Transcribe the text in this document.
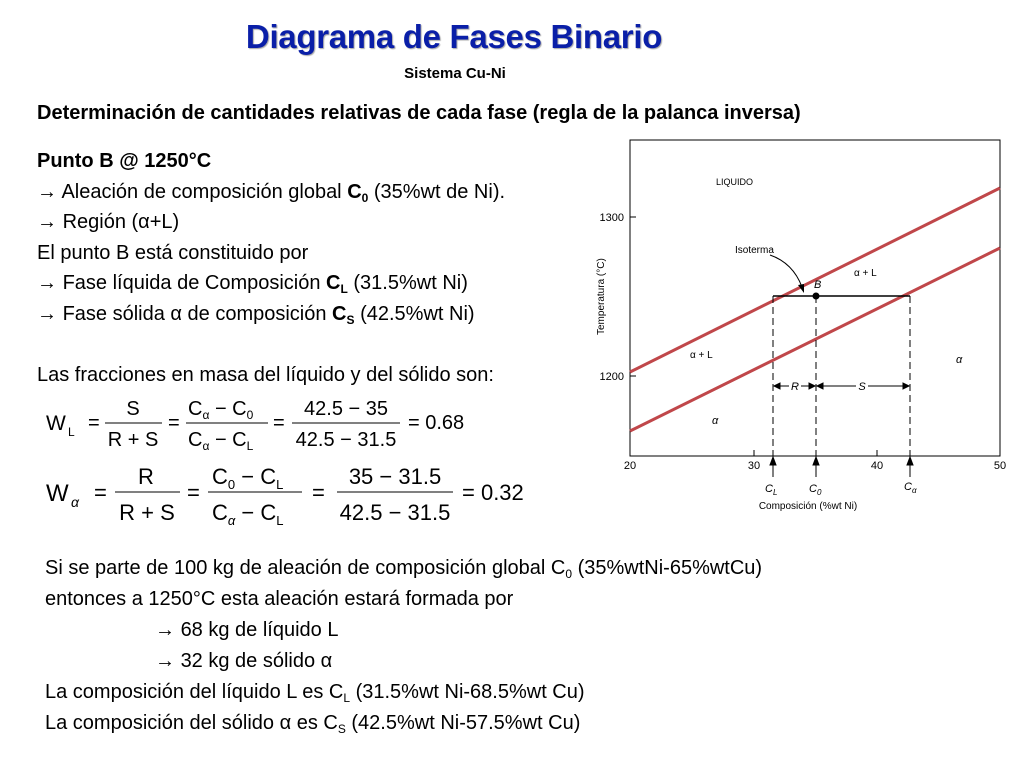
Diagrama de Fases Binario
Sistema Cu-Ni
Determinación de cantidades relativas de cada fase (regla de la palanca inversa)
Punto B @ 1250°C
→ Aleación de composición global $C_0$ (35%wt de Ni).
→ Región (α+L)
El punto B está constituido por
→ Fase líquida de Composición $C_L$ (31.5%wt Ni)
→ Fase sólida α de composición $C_S$ (42.5%wt Ni)
Las fracciones en masa del líquido y del sólido son:
W L =
S
R + S
=
$C_\alpha - C_0$
$C_\alpha - C_L$
=
42.5 − 35
42.5 − 31.5
= 0.68
W α =
R
R + S
=
$C_0 - C_L$
$C_\alpha - C_L$
=
35 − 31.5
42.5 − 31.5
= 0.32
Temperatura (°C)
1300
1200
20	30	40	50
R	S
Isoterma
B
LIQUIDO
α + L
α + L	α
α
$C_L$	$C_0$	$C_\alpha$
Composición (%wt Ni)
Si se parte de 100 kg de aleación de composición global $C_0$ (35%wtNi-65%wtCu)
entonces a 1250°C esta aleación estará formada por
→ 68 kg de líquido L
→ 32 kg de sólido α
La composición del líquido L es $C_L$ (31.5%wt Ni-68.5%wt Cu)
La composición del sólido α es $C_S$ (42.5%wt Ni-57.5%wt Cu)
